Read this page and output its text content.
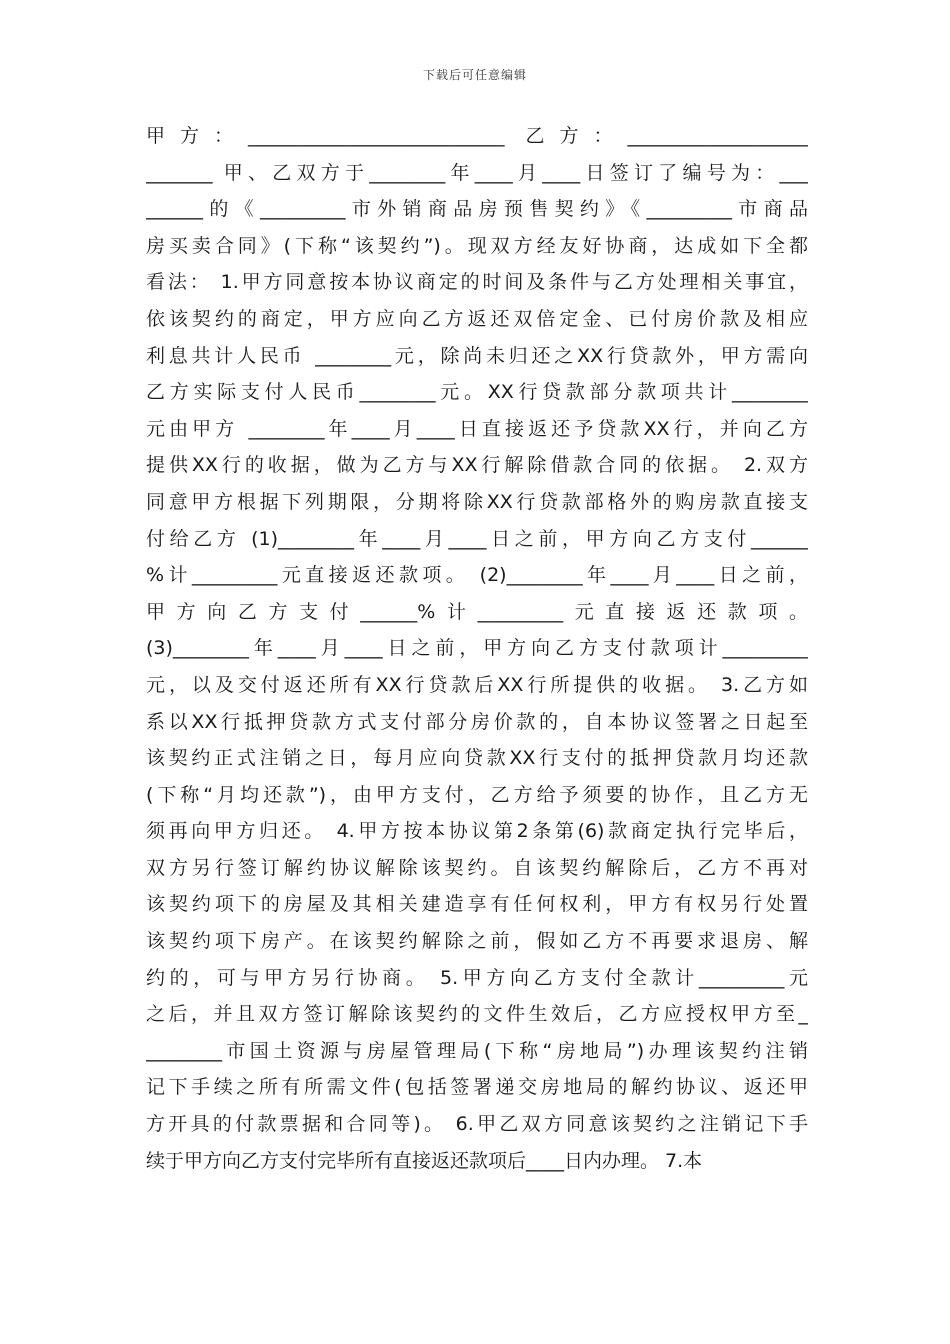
下载后可任意编辑
甲方：___________________________ 乙方：___________________
_______ 甲、乙双方于________年____月____日签订了编号为：___
______的《_________市外销商品房预售契约》《_________市商品
房买卖合同》(下称“该契约”)。现双方经友好协商，达成如下全都
看法： 1.甲方同意按本协议商定的时间及条件与乙方处理相关事宜，
依该契约的商定，甲方应向乙方返还双倍定金、已付房价款及相应
利息共计人民币 ________元，除尚未归还之XX行贷款外，甲方需向
乙方实际支付人民币________元。XX行贷款部分款项共计________
元由甲方 ________年____月____日直接返还予贷款XX行，并向乙方
提供XX行的收据，做为乙方与XX行解除借款合同的依据。 2.双方
同意甲方根据下列期限，分期将除XX行贷款部格外的购房款直接支
付给乙方 (1)________年____月____日之前，甲方向乙方支付______
%计_________元直接返还款项。 (2)________年____月____日之前，
甲方向乙方支付______%计_________元直接返还款项。
(3)________年____月____日之前，甲方向乙方支付款项计_________
元，以及交付返还所有XX行贷款后XX行所提供的收据。 3.乙方如
系以XX行抵押贷款方式支付部分房价款的，自本协议签署之日起至
该契约正式注销之日，每月应向贷款XX行支付的抵押贷款月均还款
(下称“月均还款”)，由甲方支付，乙方给予须要的协作，且乙方无
须再向甲方归还。 4.甲方按本协议第2条第(6)款商定执行完毕后，
双方另行签订解约协议解除该契约。自该契约解除后，乙方不再对
该契约项下的房屋及其相关建造享有任何权利，甲方有权另行处置
该契约项下房产。在该契约解除之前，假如乙方不再要求退房、解
约的，可与甲方另行协商。 5.甲方向乙方支付全款计_________元
之后，并且双方签订解除该契约的文件生效后，乙方应授权甲方至_
________市国土资源与房屋管理局(下称“房地局”)办理该契约注销
记下手续之所有所需文件(包括签署递交房地局的解约协议、返还甲
方开具的付款票据和合同等)。 6.甲乙双方同意该契约之注销记下手
续于甲方向乙方支付完毕所有直接返还款项后____日内办理。 7.本
